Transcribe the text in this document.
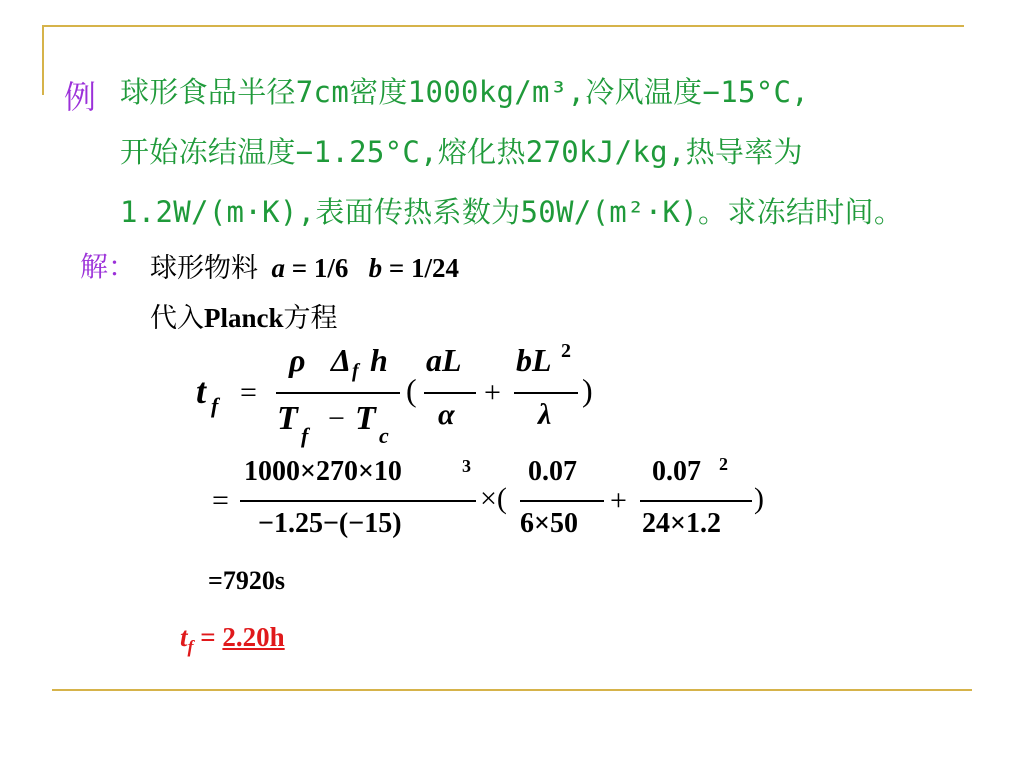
例 球形食品半径7cm密度1000kg/m³,冷风温度−15°C,
开始冻结温度−1.25°C,熔化热270kJ/kg,热导率为
1.2W/(m·K),表面传热系数为50W/(m²·K)。求冻结时间。
解： 球形物料 a = 1/6 b = 1/24
代入Planck方程
t f =
ρ Δ f h
T f
− T c
(
aL
α
+
bL 2
λ
)
=
1000×270×10	3
−1.25−(−15)
×(
0.07
6×50
+
0.07 2
24×1.2
)
=7920s
$t_f = 2.20h$
